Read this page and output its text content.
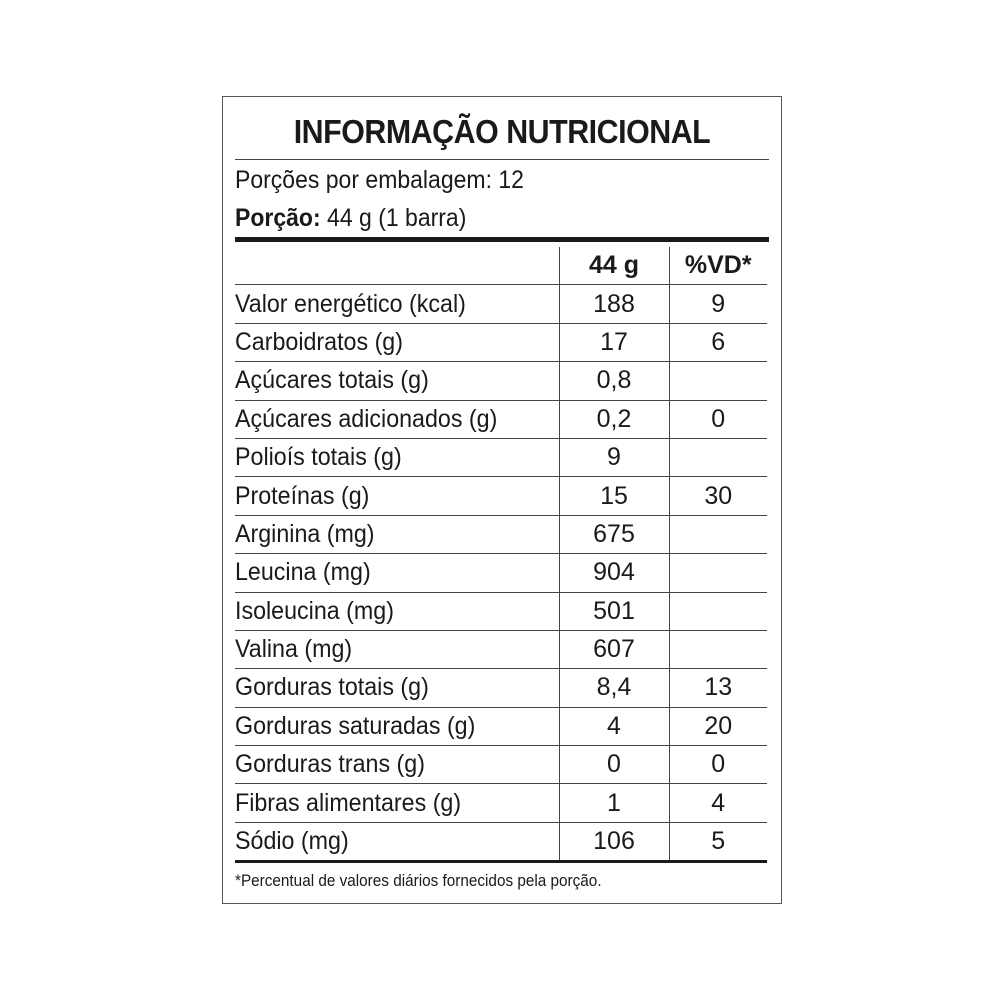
INFORMAÇÃO NUTRICIONAL
Porções por embalagem: 12
Porção: 44 g (1 barra)
	44 g	%VD*
Valor energético (kcal)	188	9
Carboidratos (g)	17	6
Açúcares totais (g)	0,8	
Açúcares adicionados (g)	0,2	0
Polioís totais (g)	9	
Proteínas (g)	15	30
Arginina (mg)	675	
Leucina (mg)	904	
Isoleucina (mg)	501	
Valina (mg)	607	
Gorduras totais (g)	8,4	13
Gorduras saturadas (g)	4	20
Gorduras trans (g)	0	0
Fibras alimentares (g)	1	4
Sódio (mg)	106	5
*Percentual de valores diários fornecidos pela porção.
